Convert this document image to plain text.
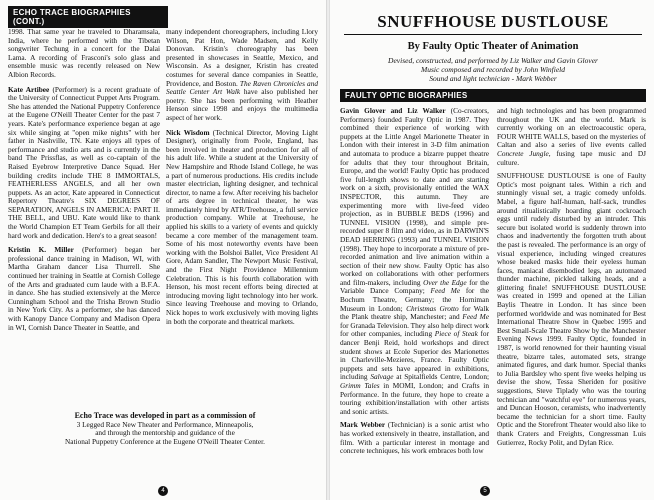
ECHO TRACE BIOGRAPHIES (CONT.)

1998. That same year he traveled to Dharamsala, India, where he performed with the Tibetan songwriter Techung in a concert for the Dalai Lama. A recording of Frasconi's solo glass and ensemble music was recently released on New Albion Records.

Kate Artibee (Performer) is a recent graduate of the University of Connecticut Puppet Arts Program. She has attended the National Puppetry Conference at the Eugene O'Neill Theater Center for the past 7 years. Kate's performance experience began at age six while singing at "open mike nights" with her father in Nashville, TN. Kate enjoys all types of performance and studio arts and is currently in the band The Prissflas, as well as co-captain of the Raised Eyebrow Interpretive Dance Squad. Her building credits include THE 8 IMMORTALS, FEATHERLESS ANGELS, and all her own puppets. As an actor, Kate appeared in Connecticut Repertory Theatre's SIX DEGREES OF SEPARATION, ANGELS IN AMERICA: PART II. THE BELL, and UBU. Kate would like to thank the World Champion ET Team Gerbils for all their hard work and dedication. Here's to a great season!

Kristin K. Miller (Performer) began her professional dance training in Madison, WI, with Martha Graham dancer Lisa Thurrell. She continued her training in Seattle at Cornish College of the Arts and graduated cum laude with a B.F.A. in dance. She has studied extensively at the Merce Cunningham School and the Trisha Brown Studio in New York City. As a performer, she has danced with Kanopy Dance Company and Madison Opera in WI, Cornish Dance Theater in Seattle, and

many independent choreographers, including Llory Wilson, Pat Hon, Wade Madsen, and Kelly Donovan. Kristin's choreography has been presented in showcases in Seattle, Mexico, and Wisconsin. As a designer, Kristin has created costumes for several dance companies in Seattle, Providence, and Boston. The Raven Chronicles and Seattle Center Art Walk have also published her poetry. She has been performing with Heather Henson since 1998 and enjoys the multimedia aspect of her work.

Nick Wisdom (Technical Director, Moving Light Designer), originally from Poole, England, has been involved in theater and production for all of his adult life. While a student at the University of New Hampshire and Rhode Island College, he was a part of numerous productions. His credits include master electrician, lighting designer, and technical director, to name a few. After receiving his bachelor of arts degree in technical theater, he was immediately hired by ATR/Treehouse, a full service production company. While at Treehouse, he applied his skills to a variety of events and quickly became a core member of the management team. Some of his most noteworthy events have been working with the Bolshoi Ballet, Vice President Al Gore, Adam Sandler, The Newport Music Festival, and the First Night Providence Millennium Celebration. This is his fourth collaboration with Henson, his most recent efforts being directed at introducing moving light technology into her work. Since leaving Treehouse and moving to Orlando, Nick hopes to work exclusively with moving lights in both the corporate and theatrical markets.

Echo Trace was developed in part as a commission of
3 Legged Race New Theater and Performance, Minneapolis,
and through the mentorship and guidance of the
National Puppetry Conference at the Eugene O'Neill Theater Center.
4
SNUFFHOUSE DUSTLOUSE
By Faulty Optic Theater of Animation
Devised, constructed, and performed by Liz Walker and Gavin Glover
Music composed and recorded by John Winfield
Sound and light technician - Mark Webber
FAULTY OPTIC BIOGRAPHIES

Gavin Glover and Liz Walker (Co-creators, Performers) founded Faulty Optic in 1987. They combined their experience of working with puppets at the Little Angel Marionette Theater in London with their interest in 3-D film animation and automata to produce a bizarre puppet theatre for adults that they tour throughout Britain, Europe, and the world! Faulty Optic has produced five full-length shows to date and are starting work on a sixth, provisionally entitled the WAX INSPECTOR, this autumn. They are experimenting more with live-feed video projection, as in BUBBLE BEDS (1996) and TUNNEL VISION (1998), and simple pre-recorded super 8 film and video, as in DARWIN'S DEAD HERRING (1993) and TUNNEL VISION (1998). They hope to incorporate a mixture of pre-recorded animation and live animation within a section of their new show. Faulty Optic has also worked on collaborations with other performers and film-makers, including Over the Edge for the Variable Dance Company; Feed Me for the Bochum Theatre, Germany; the Horniman Museum in London; Christmas Grotto for Walk the Plank theatre ship, Manchester; and Feed Me for Granada Television. They also help direct work for other companies, including Piece of Steak for dancer Benji Reid, hold workshops and direct student shows at Ecole Superior des Marionettes in Charleville-Mezieres, France. Faulty Optic puppets and sets have appeared in exhibitions, including Salvage at Spitalfields Centre, London; Grimm Tales in MOMI, London; and Crafts in Performance. In the future, they hope to create a touring exhibition/installation with other artists and sonic artists.

Mark Webber (Technician) is a sonic artist who has worked extensively in theatre, installation, and film. With a particular interest in montage and concrete techniques, his work embraces both low

and high technologies and has been programmed throughout the UK and the world. Mark is currently working on an electroacoustic opera, FOUR WHITE WALLS, based on the mysteries of Caltan and also a series of live events called Concrete Jungle, fusing tape music and DJ culture.

SNUFFHOUSE DUSTLOUSE is one of Faulty Optic's most poignant tales. Within a rich and stunningly visual set, a tragic comedy unfolds. Mabel, a figure half-human, half-sack, trundles around ritualistically hoarding giant cockroach eggs until rudely disturbed by an intruder. This secure but isolated world is suddenly thrown into chaos and inadvertently the forgotten truth about the past is revealed. The performance is an orgy of visual experience, including winged creatures whose beaked masks hide their eyeless human faces, maniacal disembodied legs, an automated thunder machine, pickled talking heads, and a glittering finale! SNUFFHOUSE DUSTLOUSE was created in 1999 and opened at the Lilian Baylis Theatre in London. It has since been performed worldwide and was nominated for Best International Theatre Show in Quebec 1995 and Best Small-Scale Theatre Show by the Manchester Evening News 1999. Faulty Optic, founded in 1987, is world renowned for their haunting visual theatre, bizarre tales, automated sets, strange animated figures, and dark humor. Special thanks to Julia Bardsley who spent five weeks helping us devise the show, Tessa Sheriden for positive suggestions, Steve Tiplady who was the touring technician and "watchful eye" for numerous years, and Duncan Hooson, ceramists, who inadvertently became the technician for a short time. Faulty Optic and the Storefront Theater would also like to thank Craters and Freights, Congressman Luis Gutierrez, Rocky Polit, and Dylan Rice.

5
